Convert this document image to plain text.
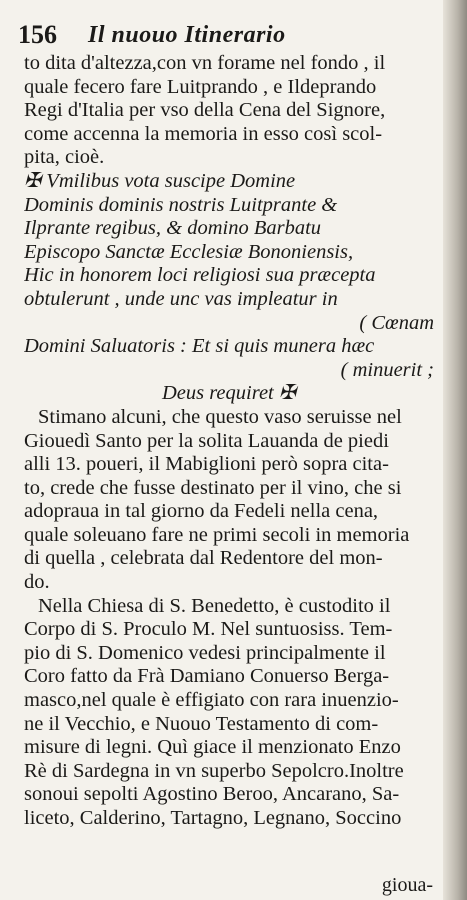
156 Il nuouo Itinerario
to dita d'altezza,con vn forame nel fondo , il
quale fecero fare Luitprando , e Ildeprando
Regi d'Italia per vso della Cena del Signore,
come accenna la memoria in esso così scol-
pita, cioè.
✠ Vmilibus vota suscipe Domine
Dominis dominis nostris Luitprante &
Ilprante regibus, & domino Barbatu
Episcopo Sanctæ Ecclesiæ Bononiensis,
Hic in honorem loci religiosi sua præcepta
obtulerunt , unde unc vas impleatur in
( Cœnam
Domini Saluatoris : Et si quis munera hæc
( minuerit ;
Deus requiret ✠
Stimano alcuni, che questo vaso seruisse nel
Giouedì Santo per la solita Lauanda de piedi
alli 13. poueri, il Mabiglioni però sopra cita-
to, crede che fusse destinato per il vino, che si
adopraua in tal giorno da Fedeli nella cena,
quale soleuano fare ne primi secoli in memoria
di quella , celebrata dal Redentore del mon-
do.
Nella Chiesa di S. Benedetto, è custodito il
Corpo di S. Proculo M. Nel suntuosiss. Tem-
pio di S. Domenico vedesi principalmente il
Coro fatto da Frà Damiano Conuerso Berga-
masco,nel quale è effigiato con rara inuenzio-
ne il Vecchio, e Nuouo Testamento di com-
misure di legni. Quì giace il menzionato Enzo
Rè di Sardegna in vn superbo Sepolcro.Inoltre
sonoui sepolti Agostino Beroo, Ancarano, Sa-
liceto, Calderino, Tartagno, Legnano, Soccino
gioua-
